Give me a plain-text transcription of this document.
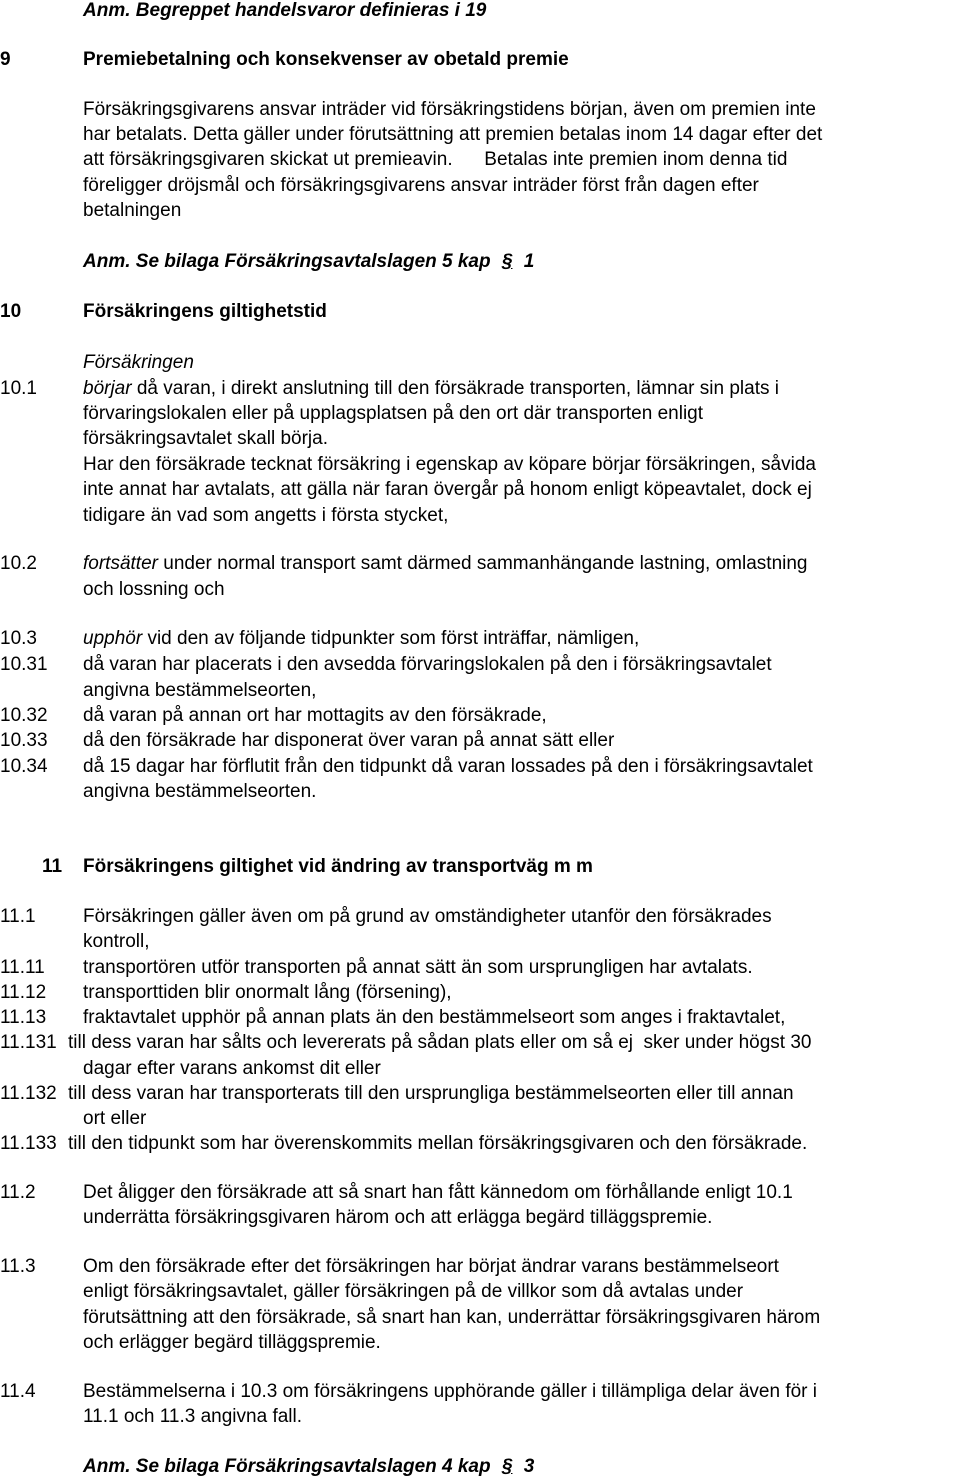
Anm. Begreppet handelsvaror definieras i 19
9	Premiebetalning och konsekvenser av obetald premie
Försäkringsgivarens ansvar inträder vid försäkringstidens början, även om premien inte
har betalats. Detta gäller under förutsättning att premien betalas inom 14 dagar efter det
att försäkringsgivaren skickat ut premieavin.      Betalas inte premien inom denna tid
föreligger dröjsmål och försäkringsgivarens ansvar inträder först från dagen efter
betalningen
Anm. Se bilaga Försäkringsavtalslagen 5 kap § 1
10	Försäkringens giltighetstid
Försäkringen
10.1 börjar då varan, i direkt anslutning till den försäkrade transporten, lämnar sin plats i
förvaringslokalen eller på upplagsplatsen på den ort där transporten enligt
försäkringsavtalet skall börja.
Har den försäkrade tecknat försäkring i egenskap av köpare börjar försäkringen, såvida
inte annat har avtalats, att gälla när faran övergår på honom enligt köpeavtalet, dock ej
tidigare än vad som angetts i första stycket,
10.2 fortsätter under normal transport samt därmed sammanhängande lastning, omlastning
och lossning och
10.3 upphör vid den av följande tidpunkter som först inträffar, nämligen,
10.31 då varan har placerats i den avsedda förvaringslokalen på den i försäkringsavtalet
angivna bestämmelseorten,
10.32 då varan på annan ort har mottagits av den försäkrade,
10.33 då den försäkrade har disponerat över varan på annat sätt eller
10.34 då 15 dagar har förflutit från den tidpunkt då varan lossades på den i försäkringsavtalet
angivna bestämmelseorten.
11 Försäkringens giltighet vid ändring av transportväg m m
11.1 Försäkringen gäller även om på grund av omständigheter utanför den försäkrades
kontroll,
11.11 transportören utför transporten på annat sätt än som ursprungligen har avtalats.
11.12 transporttiden blir onormalt lång (försening),
11.13 fraktavtalet upphör på annan plats än den bestämmelseort som anges i fraktavtalet,
11.131 till dess varan har sålts och levererats på sådan plats eller om så ej  sker under högst 30
dagar efter varans ankomst dit eller
11.132 till dess varan har transporterats till den ursprungliga bestämmelseorten eller till annan
ort eller
11.133 till den tidpunkt som har överenskommits mellan försäkringsgivaren och den försäkrade.
11.2 Det åligger den försäkrade att så snart han fått kännedom om förhållande enligt 10.1
underrätta försäkringsgivaren härom och att erlägga begärd tilläggspremie.
11.3 Om den försäkrade efter det försäkringen har börjat ändrar varans bestämmelseort
enligt försäkringsavtalet, gäller försäkringen på de villkor som då avtalas under
förutsättning att den försäkrade, så snart han kan, underrättar försäkringsgivaren härom
och erlägger begärd tilläggspremie.
11.4 Bestämmelserna i 10.3 om försäkringens upphörande gäller i tillämpliga delar även för i
11.1 och 11.3 angivna fall.
Anm. Se bilaga Försäkringsavtalslagen 4 kap § 3
